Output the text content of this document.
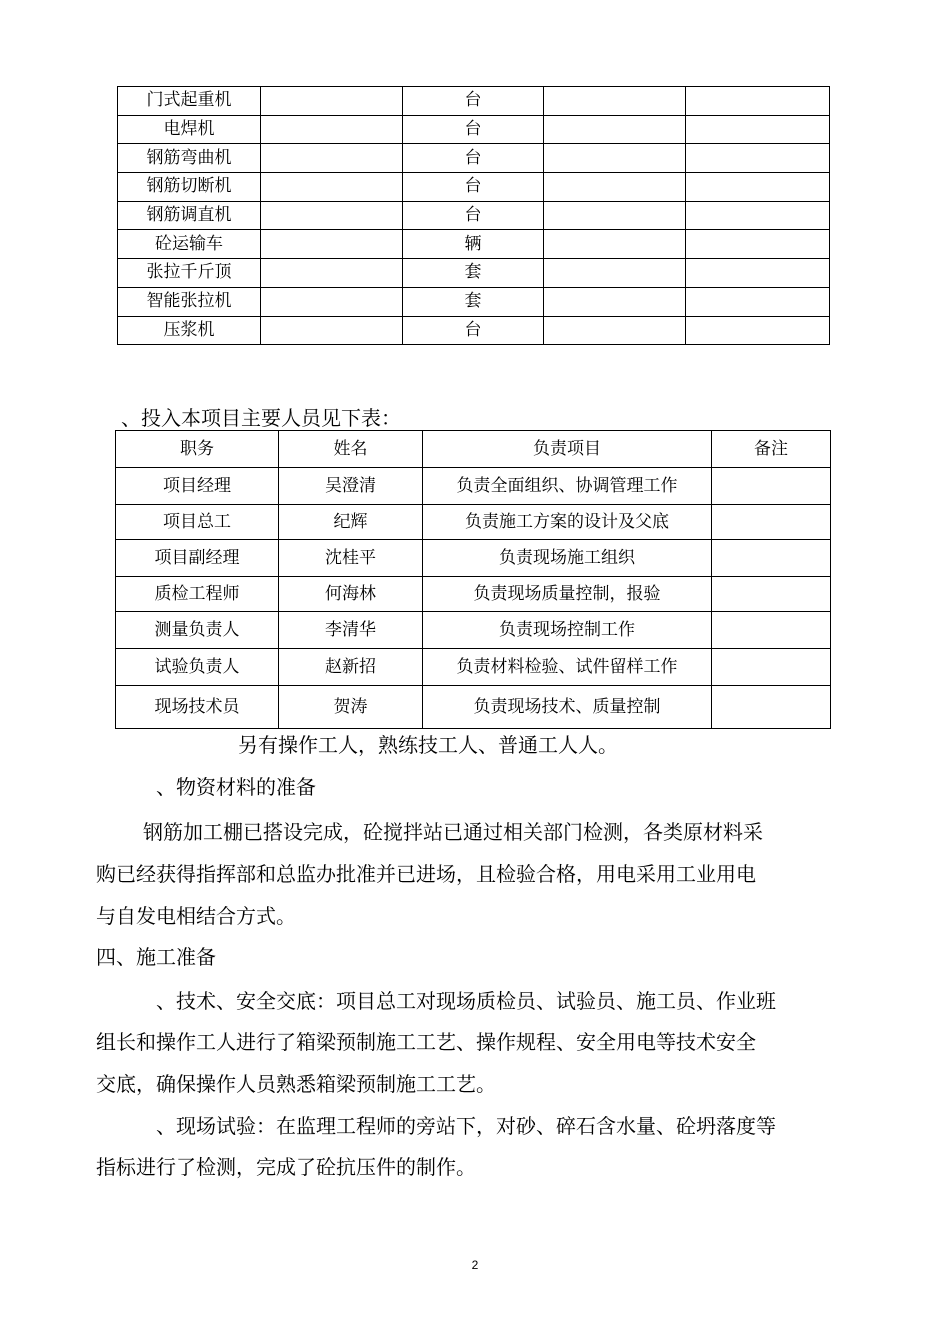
门式起重机		台		
电焊机		台		
钢筋弯曲机		台		
钢筋切断机		台		
钢筋调直机		台		
砼运输车		辆		
张拉千斤顶		套		
智能张拉机		套		
压浆机		台		
、投入本项目主要人员见下表：
职务	姓名	负责项目	备注
项目经理	吴澄清	负责全面组织、协调管理工作	
项目总工	纪辉	负责施工方案的设计及父底	
项目副经理	沈桂平	负责现场施工组织	
质检工程师	何海林	负责现场质量控制，报验	
测量负责人	李清华	负责现场控制工作	
试验负责人	赵新招	负责材料检验、试件留样工作	
现场技术员	贺涛	负责现场技术、质量控制	
另有操作工人，熟练技工人、普通工人人。
、物资材料的准备
钢筋加工棚已搭设完成，砼搅拌站已通过相关部门检测，各类原材料采
购已经获得指挥部和总监办批准并已进场，且检验合格，用电采用工业用电
与自发电相结合方式。
四、施工准备
、技术、安全交底：项目总工对现场质检员、试验员、施工员、作业班
组长和操作工人进行了箱梁预制施工工艺、操作规程、安全用电等技术安全
交底，确保操作人员熟悉箱梁预制施工工艺。
、现场试验：在监理工程师的旁站下，对砂、碎石含水量、砼坍落度等
指标进行了检测，完成了砼抗压件的制作。
2
